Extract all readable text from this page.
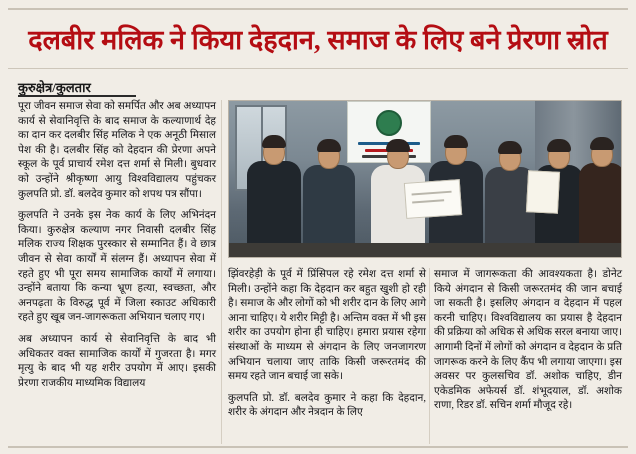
दलबीर मलिक ने किया देहदान, समाज के लिए बने प्रेरणा स्रोत
कुरुक्षेत्र/कुलतार

पूरा जीवन समाज सेवा को समर्पित और अब अध्यापन कार्य से सेवानिवृत्ति के बाद समाज के कल्याणार्थ देह का दान कर दलबीर सिंह मलिक ने एक अनूठी मिसाल पेश की है। दलबीर सिंह को देहदान की प्रेरणा अपने स्कूल के पूर्व प्राचार्य रमेश दत्त शर्मा से मिली। बुधवार को उन्होंने श्रीकृष्णा आयु विश्वविद्यालय पहुंचकर कुलपति प्रो. डॉ. बलदेव कुमार को शपथ पत्र सौंपा।

कुलपति ने उनके इस नेक कार्य के लिए अभिनंदन किया। कुरुक्षेत्र कल्याण नगर निवासी दलबीर सिंह मलिक राज्य शिक्षक पुरस्कार से सम्मानित हैं। वे छात्र जीवन से सेवा कार्यों में संलग्न हैं। अध्यापन सेवा में रहते हुए भी पूरा समय सामाजिक कार्यों में लगाया। उन्होंने बताया कि कन्या भ्रूण हत्या, स्वच्छता, और अनपढ़ता के विरुद्ध पूर्व में जिला स्काउट अधिकारी रहते हुए खूब जन-जागरूकता अभियान चलाए गए।

अब अध्यापन कार्य से सेवानिवृत्ति के बाद भी अधिकतर वक्त सामाजिक कार्यों में गुजरता है। मगर मृत्यु के बाद भी यह शरीर उपयोग में आए। इसकी प्रेरणा राजकीय माध्यमिक विद्यालय

झिंवरहेड़ी के पूर्व में प्रिंसिपल रहे रमेश दत्त शर्मा से मिली। उन्होंने कहा कि देहदान कर बहुत खुशी हो रही है। समाज के और लोगों को भी शरीर दान के लिए आगे आना चाहिए। ये शरीर मिट्टी है। अन्तिम वक्त में भी इस शरीर का उपयोग होना ही चाहिए। हमारा प्रयास रहेगा संस्थाओं के माध्यम से अंगदान के लिए जनजागरण अभियान चलाया जाए ताकि किसी जरूरतमंद की समय रहते जान बचाई जा सके।

कुलपति प्रो. डॉ. बलदेव कुमार ने कहा कि देहदान, शरीर के अंगदान और नेत्रदान के लिए

समाज में जागरूकता की आवश्यकता है। डोनेट किये अंगदान से किसी जरूरतमंद की जान बचाई जा सकती है। इसलिए अंगदान व देहदान में पहल करनी चाहिए। विश्वविद्यालय का प्रयास है देहदान की प्रक्रिया को अधिक से अधिक सरल बनाया जाए। आगामी दिनों में लोगों को अंगदान व देहदान के प्रति जागरूक करने के लिए कैंप भी लगाया जाएगा। इस अवसर पर कुलसचिव डॉ. अशोक चाहिए, डीन एकेडमिक अफेयर्स डॉ. शंभूदयाल, डॉ. अशोक राणा, रिडर डॉ. सचिन शर्मा मौजूद रहे।
